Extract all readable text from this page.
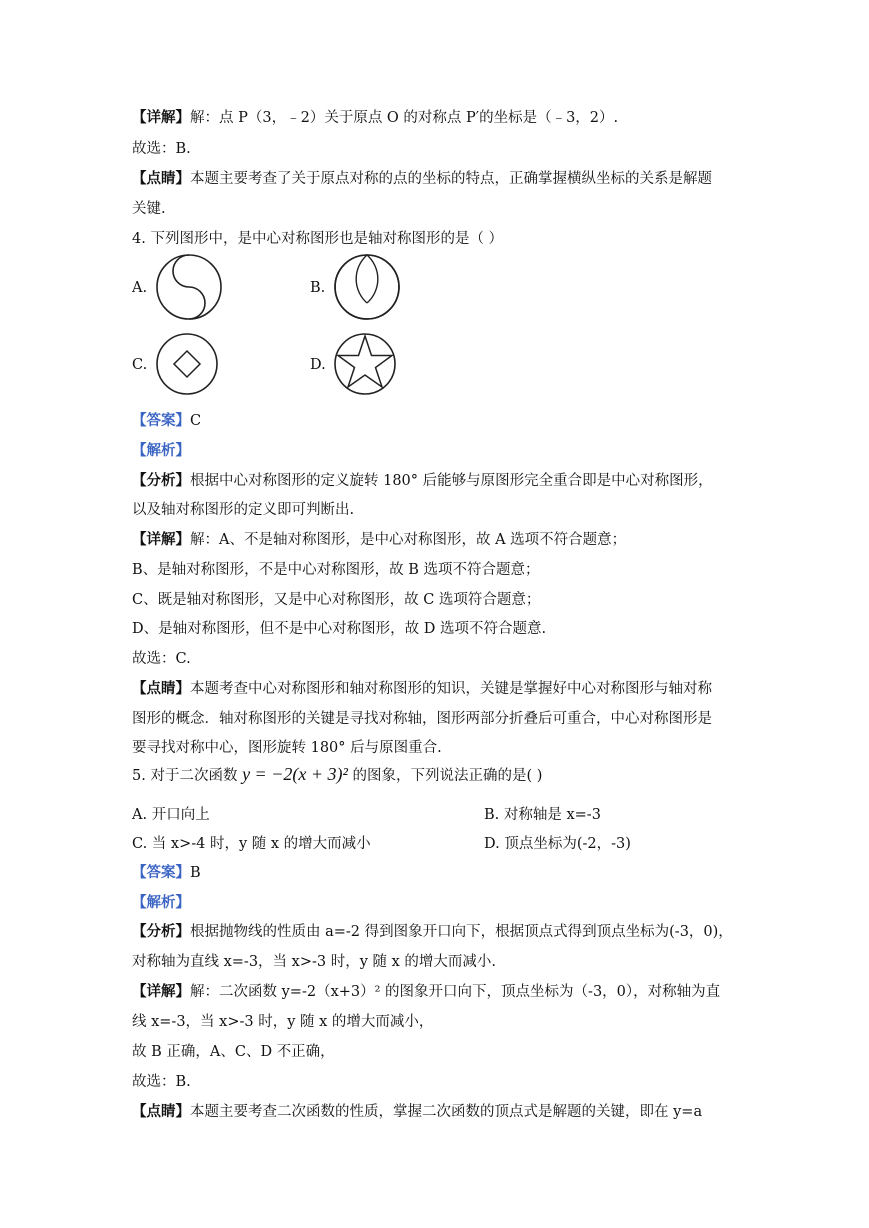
【详解】解：点 P（3，﹣2）关于原点 O 的对称点 P′的坐标是（﹣3，2）.
故选：B.
【点睛】本题主要考查了关于原点对称的点的坐标的特点，正确掌握横纵坐标的关系是解题
关键.
4. 下列图形中，是中心对称图形也是轴对称图形的是（ ）
A.	B.
C.	D.
【答案】C
【解析】
【分析】根据中心对称图形的定义旋转 180° 后能够与原图形完全重合即是中心对称图形，
以及轴对称图形的定义即可判断出.
【详解】解：A、不是轴对称图形，是中心对称图形，故 A 选项不符合题意；
B、是轴对称图形，不是中心对称图形，故 B 选项不符合题意；
C、既是轴对称图形，又是中心对称图形，故 C 选项符合题意；
D、是轴对称图形，但不是中心对称图形，故 D 选项不符合题意.
故选：C.
【点睛】本题考查中心对称图形和轴对称图形的知识，关键是掌握好中心对称图形与轴对称
图形的概念．轴对称图形的关键是寻找对称轴，图形两部分折叠后可重合，中心对称图形是
要寻找对称中心，图形旋转 180° 后与原图重合.
5. 对于二次函数 y = −2(x + 3)² 的图象，下列说法正确的是( )
A. 开口向上	B. 对称轴是 x=-3
C. 当 x>-4 时，y 随 x 的增大而减小	D. 顶点坐标为(-2，-3)
【答案】B
【解析】
【分析】根据抛物线的性质由 a=-2 得到图象开口向下，根据顶点式得到顶点坐标为(-3，0)，
对称轴为直线 x=-3，当 x>-3 时，y 随 x 的增大而减小.
【详解】解：二次函数 y=-2（x+3）² 的图象开口向下，顶点坐标为（-3，0），对称轴为直
线 x=-3，当 x>-3 时，y 随 x 的增大而减小，
故 B 正确，A、C、D 不正确，
故选：B.
【点睛】本题主要考查二次函数的性质，掌握二次函数的顶点式是解题的关键，即在 y=a
